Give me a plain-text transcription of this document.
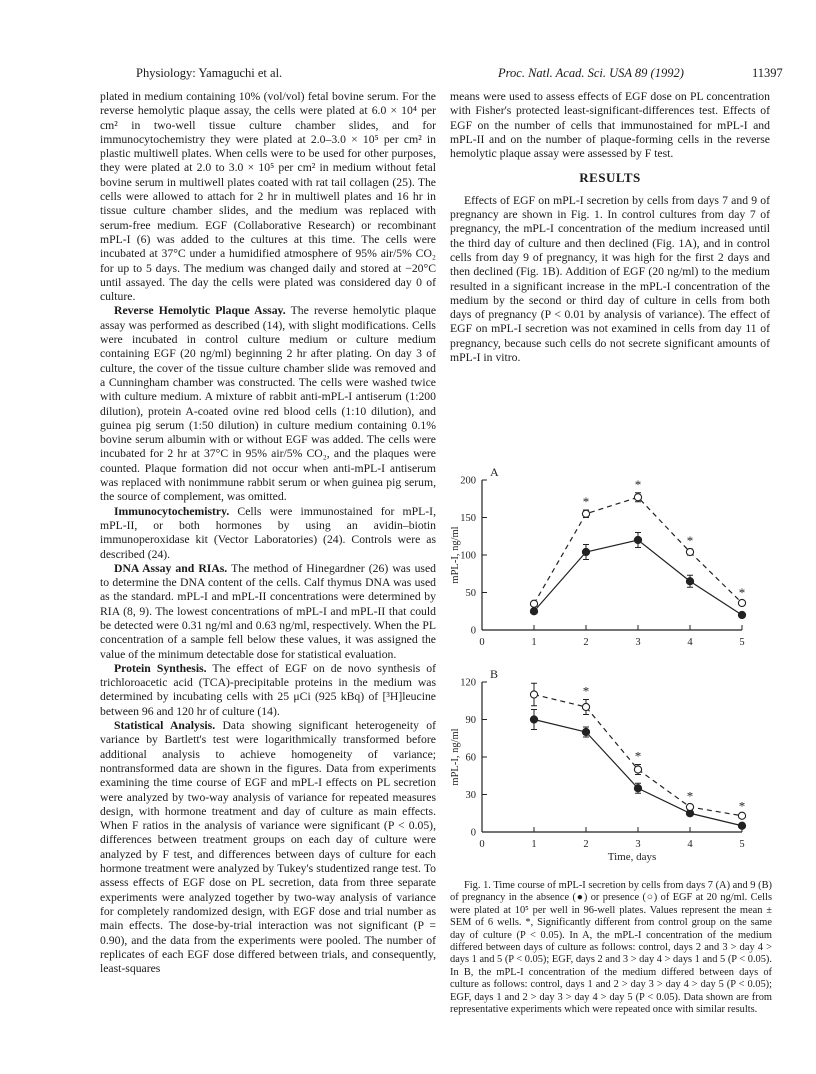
Physiology: Yamaguchi et al.	Proc. Natl. Acad. Sci. USA 89 (1992)	11397

plated in medium containing 10% (vol/vol) fetal bovine serum. For the reverse hemolytic plaque assay, the cells were plated at 6.0 × 10⁴ per cm² in two-well tissue culture chamber slides, and for immunocytochemistry they were plated at 2.0–3.0 × 10⁵ per cm² in plastic multiwell plates. When cells were to be used for other purposes, they were plated at 2.0 to 3.0 × 10⁵ per cm² in medium without fetal bovine serum in multiwell plates coated with rat tail collagen (25). The cells were allowed to attach for 2 hr in multiwell plates and 16 hr in tissue culture chamber slides, and the medium was replaced with serum-free medium. EGF (Collaborative Research) or recombinant mPL-I (6) was added to the cultures at this time. The cells were incubated at 37°C under a humidified atmosphere of 95% air/5% CO₂ for up to 5 days. The medium was changed daily and stored at −20°C until assayed. The day the cells were plated was considered day 0 of culture.

Reverse Hemolytic Plaque Assay. The reverse hemolytic plaque assay was performed as described (14), with slight modifications. Cells were incubated in control culture medium or culture medium containing EGF (20 ng/ml) beginning 2 hr after plating. On day 3 of culture, the cover of the tissue culture chamber slide was removed and a Cunningham chamber was constructed. The cells were washed twice with culture medium. A mixture of rabbit anti-mPL-I antiserum (1:200 dilution), protein A-coated ovine red blood cells (1:10 dilution), and guinea pig serum (1:50 dilution) in culture medium containing 0.1% bovine serum albumin with or without EGF was added. The cells were incubated for 2 hr at 37°C in 95% air/5% CO₂, and the plaques were counted. Plaque formation did not occur when anti-mPL-I antiserum was replaced with nonimmune rabbit serum or when guinea pig serum, the source of complement, was omitted.

Immunocytochemistry. Cells were immunostained for mPL-I, mPL-II, or both hormones by using an avidin–biotin immunoperoxidase kit (Vector Laboratories) (24). Controls were as described (24).

DNA Assay and RIAs. The method of Hinegardner (26) was used to determine the DNA content of the cells. Calf thymus DNA was used as the standard. mPL-I and mPL-II concentrations were determined by RIA (8, 9). The lowest concentrations of mPL-I and mPL-II that could be detected were 0.31 ng/ml and 0.63 ng/ml, respectively. When the PL concentration of a sample fell below these values, it was assigned the value of the minimum detectable dose for statistical evaluation.

Protein Synthesis. The effect of EGF on de novo synthesis of trichloroacetic acid (TCA)-precipitable proteins in the medium was determined by incubating cells with 25 μCi (925 kBq) of [³H]leucine between 96 and 120 hr of culture (14).

Statistical Analysis. Data showing significant heterogeneity of variance by Bartlett's test were logarithmically transformed before additional analysis to achieve homogeneity of variance; nontransformed data are shown in the figures. Data from experiments examining the time course of EGF and mPL-I effects on PL secretion were analyzed by two-way analysis of variance for repeated measures design, with hormone treatment and day of culture as main effects. When F ratios in the analysis of variance were significant (P < 0.05), differences between treatment groups on each day of culture were analyzed by F test, and differences between days of culture for each hormone treatment were analyzed by Tukey's studentized range test. To assess effects of EGF dose on PL secretion, data from three separate experiments were analyzed together by two-way analysis of variance for completely randomized design, with EGF dose and trial number as main effects. The dose-by-trial interaction was not significant (P = 0.90), and the data from the experiments were pooled. The number of replicates of each EGF dose differed between trials, and consequently, least-squares

means were used to assess effects of EGF dose on PL concentration with Fisher's protected least-significant-differences test. Effects of EGF on the number of cells that immunostained for mPL-I and mPL-II and on the number of plaque-forming cells in the reverse hemolytic plaque assay were assessed by F test.

RESULTS

Effects of EGF on mPL-I secretion by cells from days 7 and 9 of pregnancy are shown in Fig. 1. In control cultures from day 7 of pregnancy, the mPL-I concentration of the medium increased until the third day of culture and then declined (Fig. 1A), and in control cells from day 9 of pregnancy, it was high for the first 2 days and then declined (Fig. 1B). Addition of EGF (20 ng/ml) to the medium resulted in a significant increase in the mPL-I concentration of the medium by the second or third day of culture in cells from both days of pregnancy (P < 0.01 by analysis of variance). The effect of EGF on mPL-I secretion was not examined in cells from day 11 of pregnancy, because such cells do not secrete significant amounts of mPL-I in vitro.

0
50
100
150
200
0	1	2	3	4	5
mPL-I, ng/ml
A
*
*
*
*
0
30
60
90
120
0	1	2	3	4	5
mPL-I, ng/ml
B
Time, days
*
*
*
*

Fig. 1. Time course of mPL-I secretion by cells from days 7 (A) and 9 (B) of pregnancy in the absence (●) or presence (○) of EGF at 20 ng/ml. Cells were plated at 10⁵ per well in 96-well plates. Values represent the mean ± SEM of 6 wells. *, Significantly different from control group on the same day of culture (P < 0.05). In A, the mPL-I concentration of the medium differed between days of culture as follows: control, days 2 and 3 > day 4 > days 1 and 5 (P < 0.05); EGF, days 2 and 3 > day 4 > days 1 and 5 (P < 0.05). In B, the mPL-I concentration of the medium differed between days of culture as follows: control, days 1 and 2 > day 3 > day 4 > day 5 (P < 0.05); EGF, days 1 and 2 > day 3 > day 4 > day 5 (P < 0.05). Data shown are from representative experiments which were repeated once with similar results.
